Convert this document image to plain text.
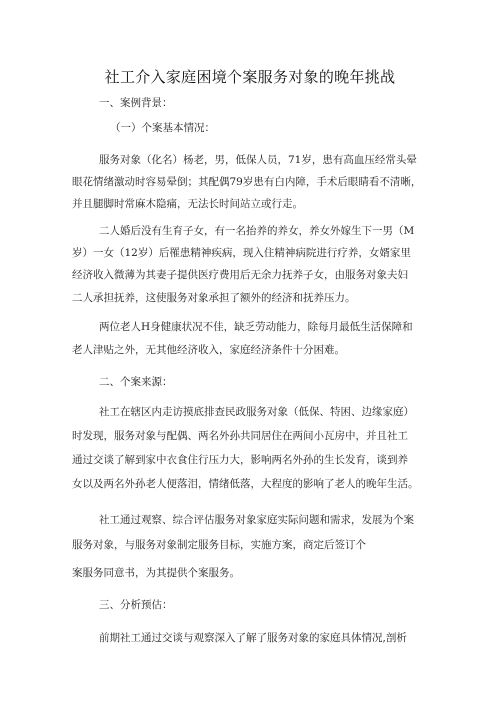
社工介入家庭困境个案服务对象的晚年挑战
一、案例背景：
（一）个案基本情况：
服务对象（化名）杨老，男，低保人员，71岁，患有高血压经常头晕
眼花情绪激动时容易晕倒；其配偶79岁患有白内障，手术后眼睛看不清晰，
并且腿脚时常麻木隐痛，无法长时间站立或行走。
二人婚后没有生育子女，有一名抬养的养女，养女外嫁生下一男（M
岁）一女（12岁）后罹患精神疾病，现入住精神病院进行疗养，女婿家里
经济收入微薄为其妻子提供医疗费用后无余力抚养子女，由服务对象夫妇
二人承担抚养，这使服务对象承担了额外的经济和抚养压力。
两位老人H身健康状况不佳，缺乏劳动能力，除每月最低生活保障和
老人津贴之外，无其他经济收入，家庭经济条件十分困难。
二、个案来源：
社工在辖区内走访摸底排查民政服务对象（低保、特困、边缘家庭）
时发现，服务对象与配偶、两名外孙共同居住在两间小瓦房中，并且社工
通过交谈了解到家中衣食住行压力大，影响两名外孙的生长发育，谈到养
女以及两名外孙老人便落泪，情绪低落，大程度的影响了老人的晚年生活。
社工通过观察、综合评估服务对象家庭实际问题和需求，发展为个案
服务对象，与服务对象制定服务目标，实施方案，商定后签订个
案服务同意书，为其提供个案服务。
三、分析预估：
前期社工通过交谈与观察深入了解了服务对象的家庭具体情况,剖析
